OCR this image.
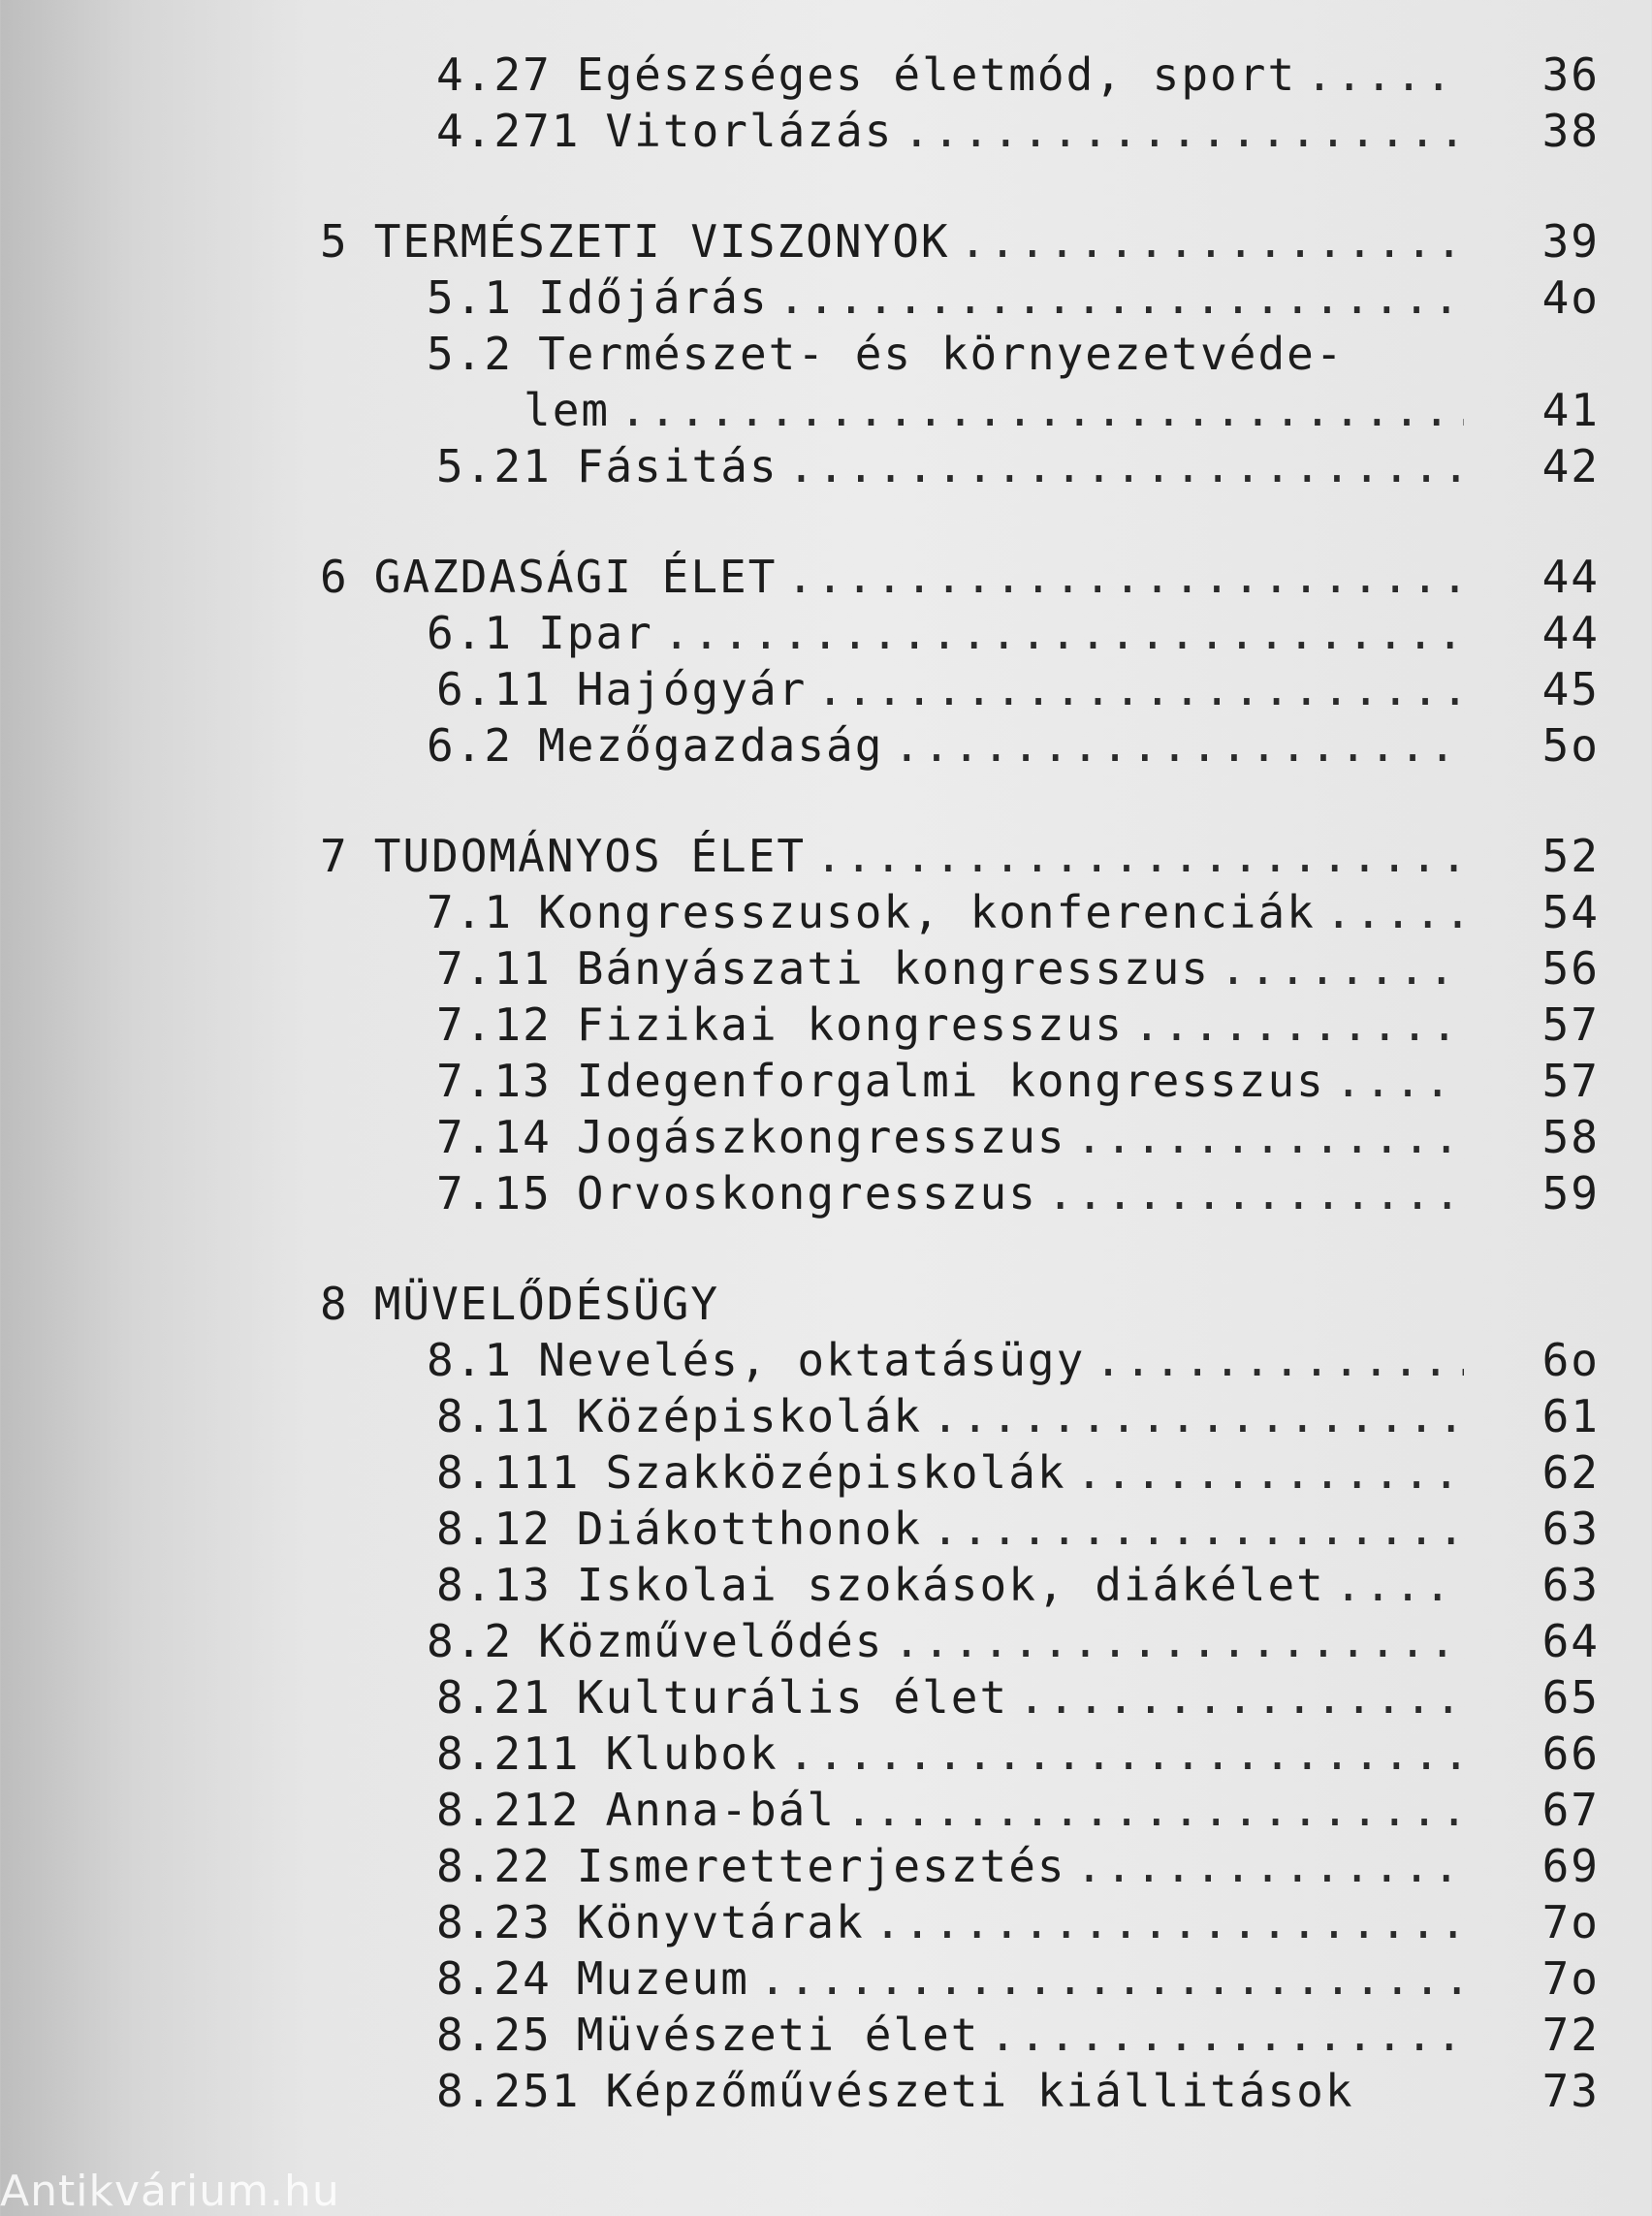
4.27 Egészséges életmód, sport .....	36
4.271 Vitorlázás .....	38
5 TERMÉSZETI VISZONYOK .....	39
5.1 Időjárás .....	4o
5.2 Természet- és környezetvéde-
lem .....	41
5.21 Fásitás .....	42
6 GAZDASÁGI ÉLET .....	44
6.1 Ipar .....	44
6.11 Hajógyár .....	45
6.2 Mezőgazdaság .....	5o
7 TUDOMÁNYOS ÉLET .....	52
7.1 Kongresszusok, konferenciák .....	54
7.11 Bányászati kongresszus .....	56
7.12 Fizikai kongresszus .....	57
7.13 Idegenforgalmi kongresszus .....	57
7.14 Jogászkongresszus .....	58
7.15 Orvoskongresszus .....	59
8 MÜVELŐDÉSÜGY
8.1 Nevelés, oktatásügy .....	6o
8.11 Középiskolák .....	61
8.111 Szakközépiskolák .....	62
8.12 Diákotthonok .....	63
8.13 Iskolai szokások, diákélet .....	63
8.2 Közművelődés .....	64
8.21 Kulturális élet .....	65
8.211 Klubok .....	66
8.212 Anna-bál .....	67
8.22 Ismeretterjesztés .....	69
8.23 Könyvtárak .....	7o
8.24 Muzeum .....	7o
8.25 Müvészeti élet .....	72
8.251 Képzőművészeti kiállitások	73
Antikvárium.hu
